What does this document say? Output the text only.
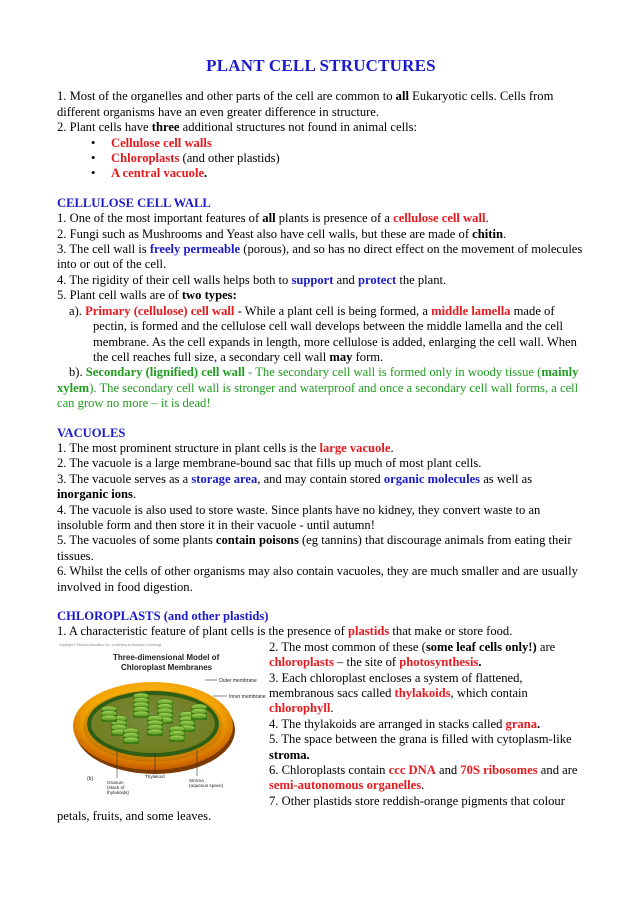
PLANT CELL STRUCTURES

1. Most of the organelles and other parts of the cell are common to all Eukaryotic cells. Cells from different organisms have an even greater difference in structure.

2. Plant cells have three additional structures not found in animal cells:

• Cellulose cell walls
• Chloroplasts (and other plastids)
• A central vacuole.
CELLULOSE CELL WALL

1. One of the most important features of all plants is presence of a cellulose cell wall.

2. Fungi such as Mushrooms and Yeast also have cell walls, but these are made of chitin.

3. The cell wall is freely permeable (porous), and so has no direct effect on the movement of molecules into or out of the cell.

4. The rigidity of their cell walls helps both to support and protect the plant.

5. Plant cell walls are of two types:

a). Primary (cellulose) cell wall - While a plant cell is being formed, a middle lamella made of pectin, is formed and the cellulose cell wall develops between the middle lamella and the cell membrane. As the cell expands in length, more cellulose is added, enlarging the cell wall. When the cell reaches full size, a secondary cell wall may form.

b). Secondary (lignified) cell wall - The secondary cell wall is formed only in woody tissue (mainly xylem). The secondary cell wall is stronger and waterproof and once a secondary cell wall forms, a cell can grow no more – it is dead!

VACUOLES

1. The most prominent structure in plant cells is the large vacuole.

2. The vacuole is a large membrane-bound sac that fills up much of most plant cells.

3. The vacuole serves as a storage area, and may contain stored organic molecules as well as inorganic ions.

4. The vacuole is also used to store waste. Since plants have no kidney, they convert waste to an insoluble form and then store it in their vacuole - until autumn!

5. The vacuoles of some plants contain poisons (eg tannins) that discourage animals from eating their tissues.

6. Whilst the cells of other organisms may also contain vacuoles, they are much smaller and are usually involved in food digestion.

CHLOROPLASTS (and other plastids)

1. A characteristic feature of plant cells is the presence of plastids that make or store food.

Copyright © Pearson Education, Inc., publishing as Benjamin Cummings
Three-dimensional Model of
Chloroplast Membranes
Outer membrane
Inner membrane
(b)
Granum
(stack of
thylakoids)
Thylakoid
Stroma
(aqueous space)

2. The most common of these (some leaf cells only!) are chloroplasts – the site of photosynthesis.

3. Each chloroplast encloses a system of flattened, membranous sacs called thylakoids, which contain chlorophyll.

4. The thylakoids are arranged in stacks called grana.

5. The space between the grana is filled with cytoplasm-like stroma.

6. Chloroplasts contain ccc DNA and 70S ribosomes and are semi-autonomous organelles.

7. Other plastids store reddish-orange pigments that colour

petals, fruits, and some leaves.
